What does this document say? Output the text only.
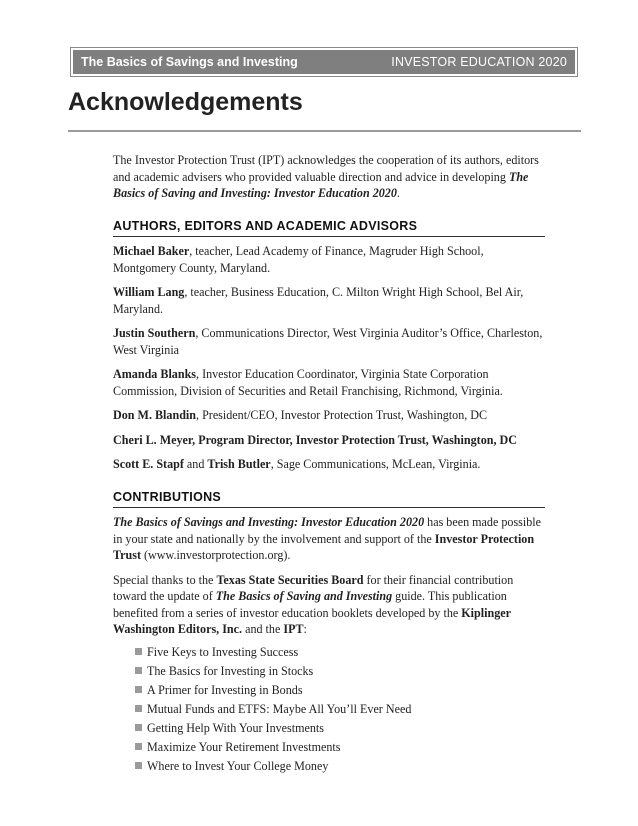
The Basics of Savings and Investing	INVESTOR EDUCATION 2020
Acknowledgements

The Investor Protection Trust (IPT) acknowledges the cooperation of its authors, editors and academic advisers who provided valuable direction and advice in developing The Basics of Saving and Investing: Investor Education 2020.

AUTHORS, EDITORS AND ACADEMIC ADVISORS

Michael Baker, teacher, Lead Academy of Finance, Magruder High School, Montgomery County, Maryland.

William Lang, teacher, Business Education, C. Milton Wright High School, Bel Air, Maryland.

Justin Southern, Communications Director, West Virginia Auditor’s Office, Charleston, West Virginia

Amanda Blanks, Investor Education Coordinator, Virginia State Corporation Commission, Division of Securities and Retail Franchising, Richmond, Virginia.

Don M. Blandin, President/CEO, Investor Protection Trust, Washington, DC

Cheri L. Meyer, Program Director, Investor Protection Trust, Washington, DC

Scott E. Stapf and Trish Butler, Sage Communications, McLean, Virginia.

CONTRIBUTIONS

The Basics of Savings and Investing: Investor Education 2020 has been made possible in your state and nationally by the involvement and support of the Investor Protection Trust (www.investorprotection.org).

Special thanks to the Texas State Securities Board for their financial contribution toward the update of The Basics of Saving and Investing guide. This publication benefited from a series of investor education booklets developed by the Kiplinger Washington Editors, Inc. and the IPT:

Five Keys to Investing Success
The Basics for Investing in Stocks
A Primer for Investing in Bonds
Mutual Funds and ETFS: Maybe All You’ll Ever Need
Getting Help With Your Investments
Maximize Your Retirement Investments
Where to Invest Your College Money
